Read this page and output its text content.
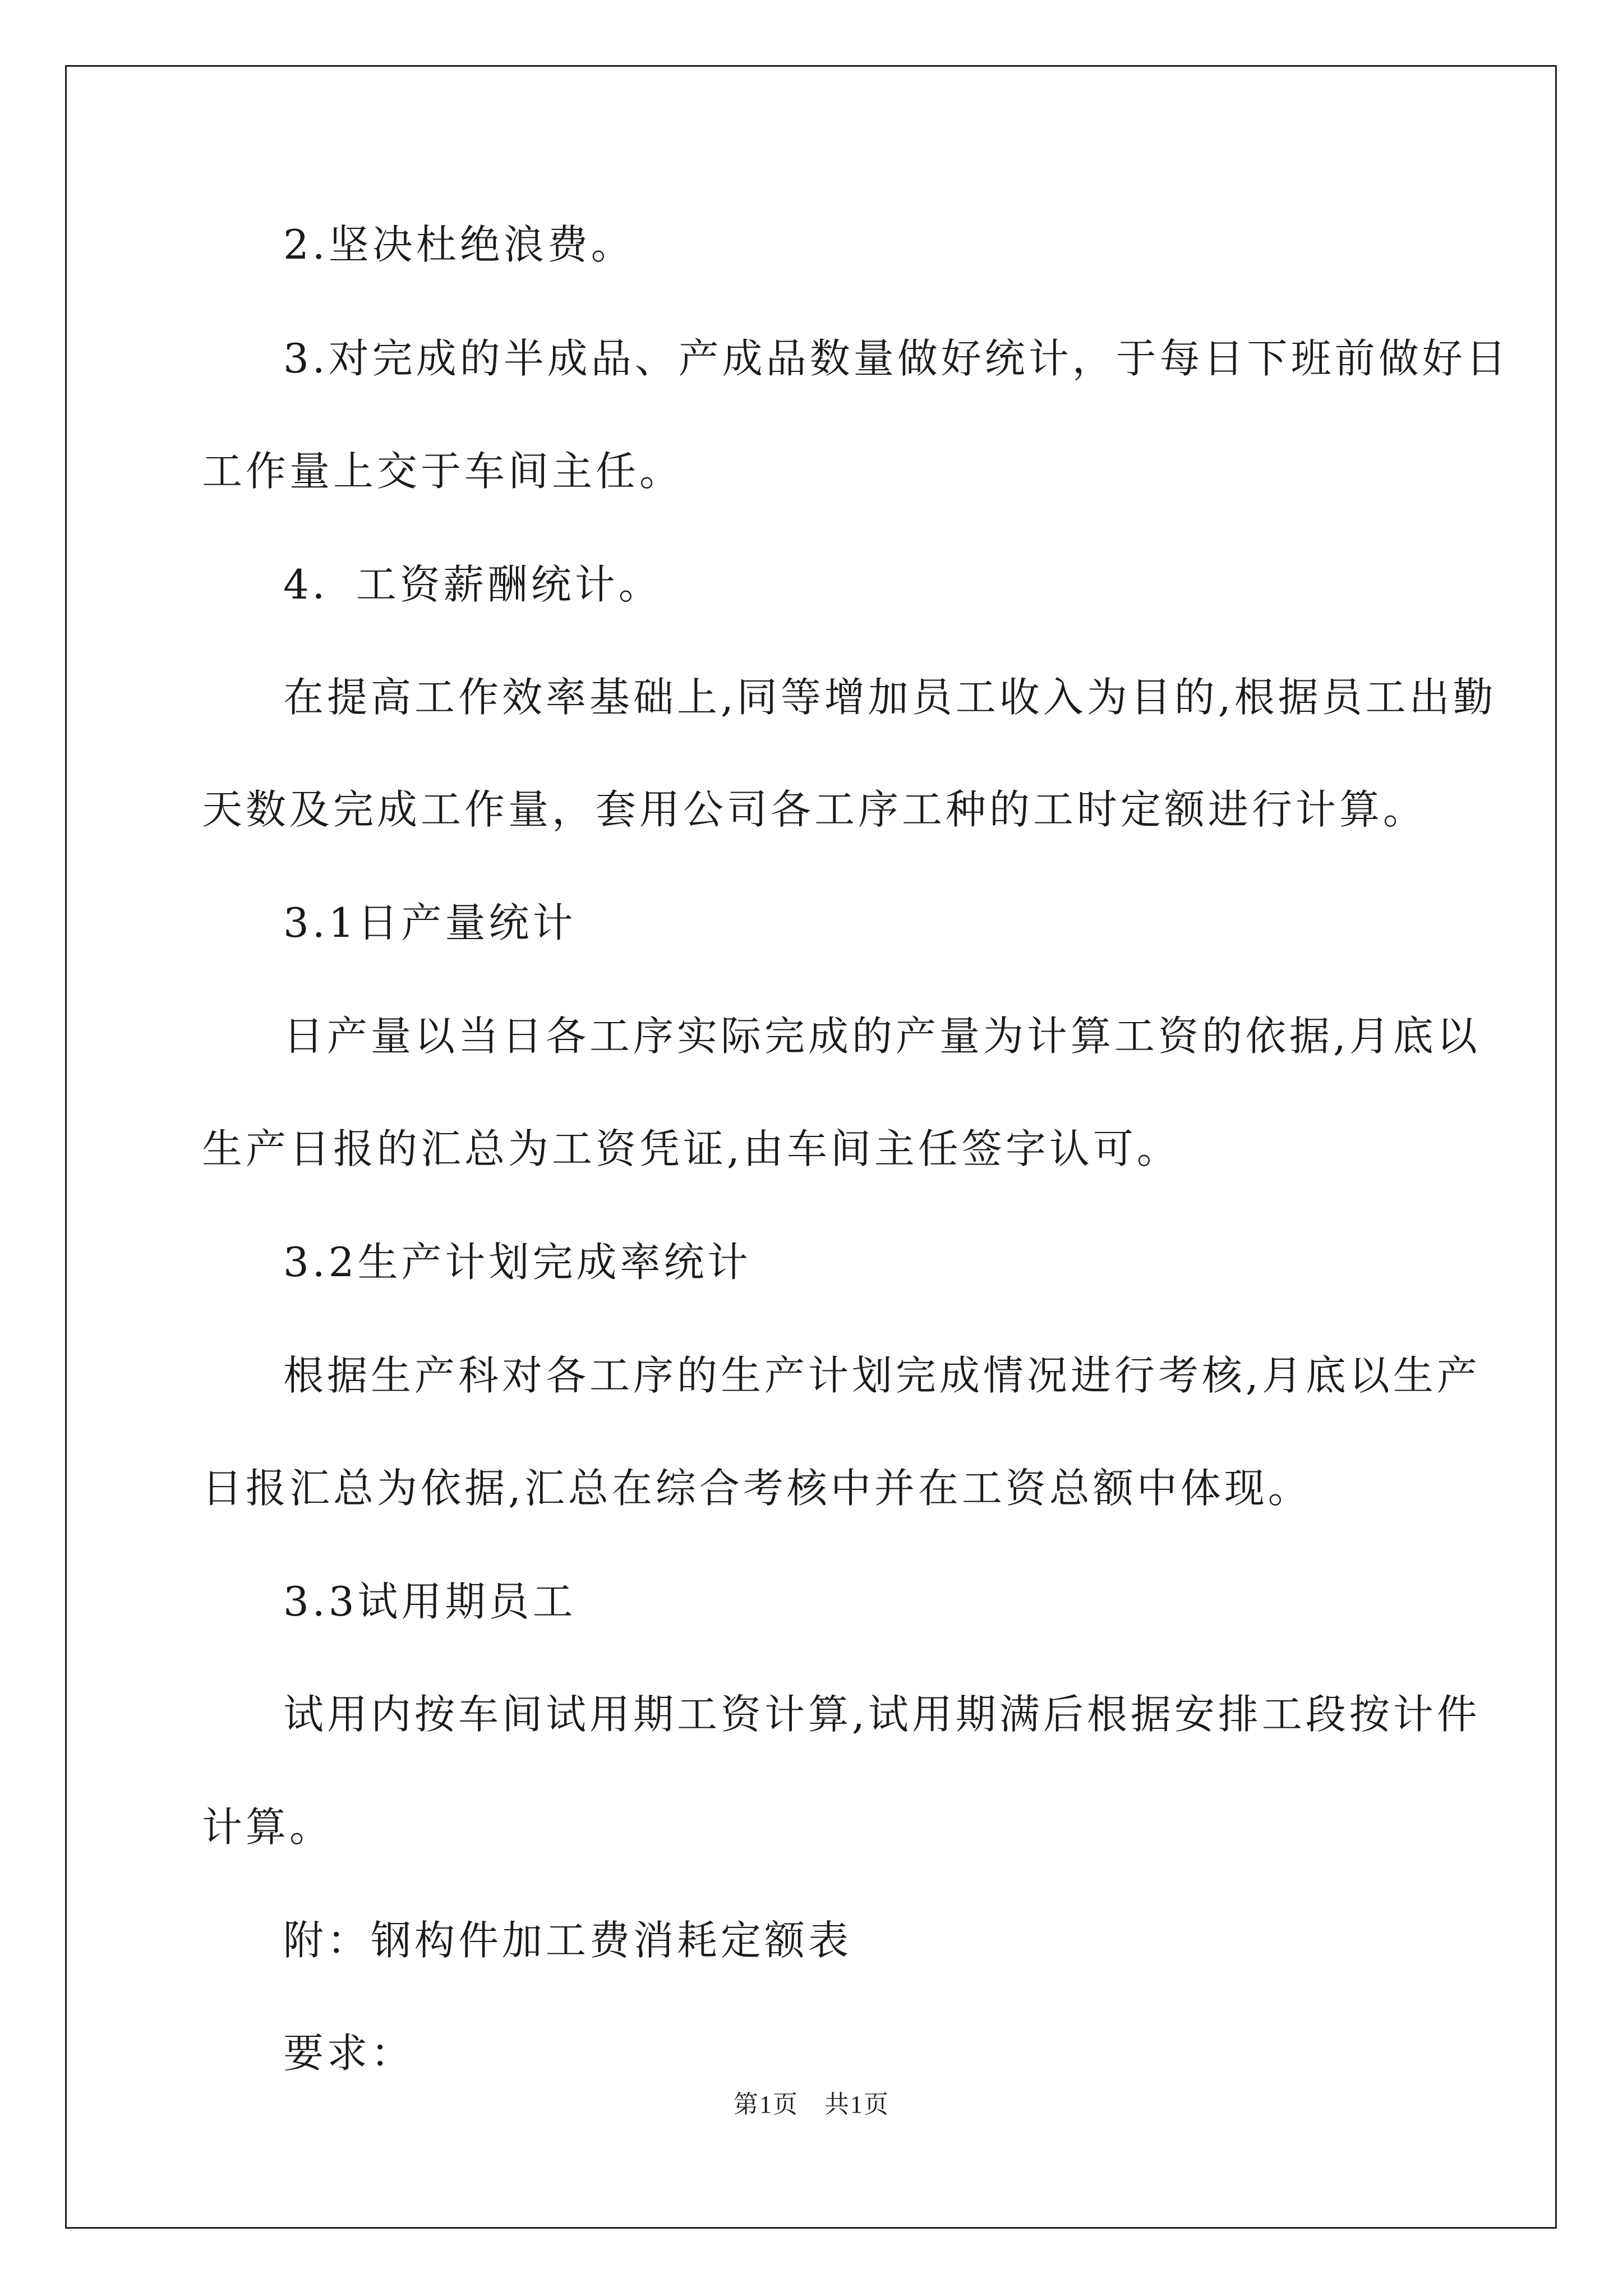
2.坚决杜绝浪费。
3.对完成的半成品、产成品数量做好统计，于每日下班前做好日
工作量上交于车间主任。
4．工资薪酬统计。
在提高工作效率基础上,同等增加员工收入为目的,根据员工出勤
天数及完成工作量，套用公司各工序工种的工时定额进行计算。
3.1日产量统计
日产量以当日各工序实际完成的产量为计算工资的依据,月底以
生产日报的汇总为工资凭证,由车间主任签字认可。
3.2生产计划完成率统计
根据生产科对各工序的生产计划完成情况进行考核,月底以生产
日报汇总为依据,汇总在综合考核中并在工资总额中体现。
3.3试用期员工
试用内按车间试用期工资计算,试用期满后根据安排工段按计件
计算。
附：钢构件加工费消耗定额表
要求：
第1页　共1页
